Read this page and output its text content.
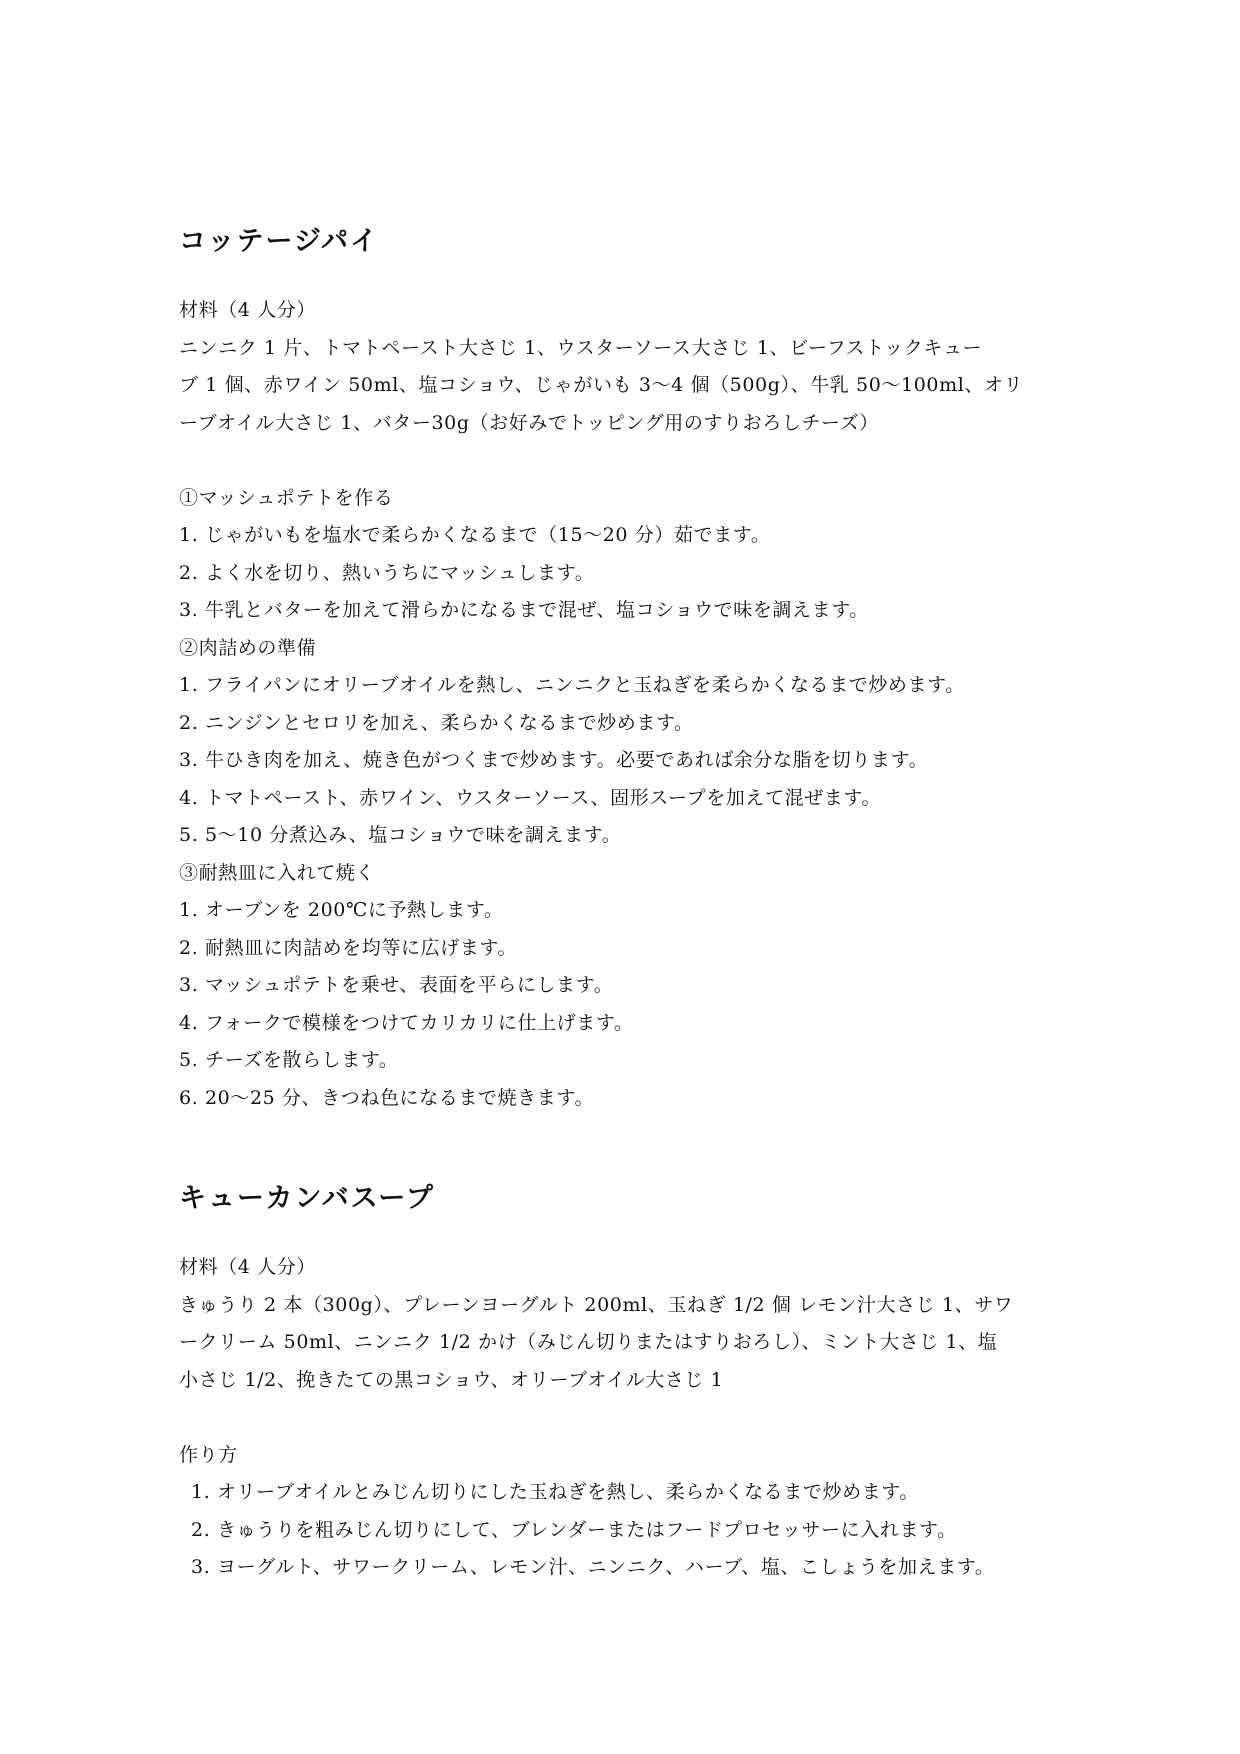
コッテージパイ
材料（4 人分）
ニンニク 1 片、トマトペースト大さじ 1、ウスターソース大さじ 1、ビーフストックキュー
ブ 1 個、赤ワイン 50ml、塩コショウ、じゃがいも 3〜4 個（500g）、牛乳 50〜100ml、オリ
ーブオイル大さじ 1、バター30g（お好みでトッピング用のすりおろしチーズ）
①マッシュポテトを作る
1. じゃがいもを塩水で柔らかくなるまで（15〜20 分）茹でます。
2. よく水を切り、熱いうちにマッシュします。
3. 牛乳とバターを加えて滑らかになるまで混ぜ、塩コショウで味を調えます。
②肉詰めの準備
1. フライパンにオリーブオイルを熱し、ニンニクと玉ねぎを柔らかくなるまで炒めます。
2. ニンジンとセロリを加え、柔らかくなるまで炒めます。
3. 牛ひき肉を加え、焼き色がつくまで炒めます。必要であれば余分な脂を切ります。
4. トマトペースト、赤ワイン、ウスターソース、固形スープを加えて混ぜます。
5. 5〜10 分煮込み、塩コショウで味を調えます。
③耐熱皿に入れて焼く
1. オーブンを 200℃に予熱します。
2. 耐熱皿に肉詰めを均等に広げます。
3. マッシュポテトを乗せ、表面を平らにします。
4. フォークで模様をつけてカリカリに仕上げます。
5. チーズを散らします。
6. 20〜25 分、きつね色になるまで焼きます。
キューカンバスープ
材料（4 人分）
きゅうり 2 本（300g）、プレーンヨーグルト 200ml、玉ねぎ 1/2 個 レモン汁大さじ 1、サワ
ークリーム 50ml、ニンニク 1/2 かけ（みじん切りまたはすりおろし）、ミント大さじ 1、塩
小さじ 1/2、挽きたての黒コショウ、オリーブオイル大さじ 1
作り方
1. オリーブオイルとみじん切りにした玉ねぎを熱し、柔らかくなるまで炒めます。
2. きゅうりを粗みじん切りにして、ブレンダーまたはフードプロセッサーに入れます。
3. ヨーグルト、サワークリーム、レモン汁、ニンニク、ハーブ、塩、こしょうを加えます。
